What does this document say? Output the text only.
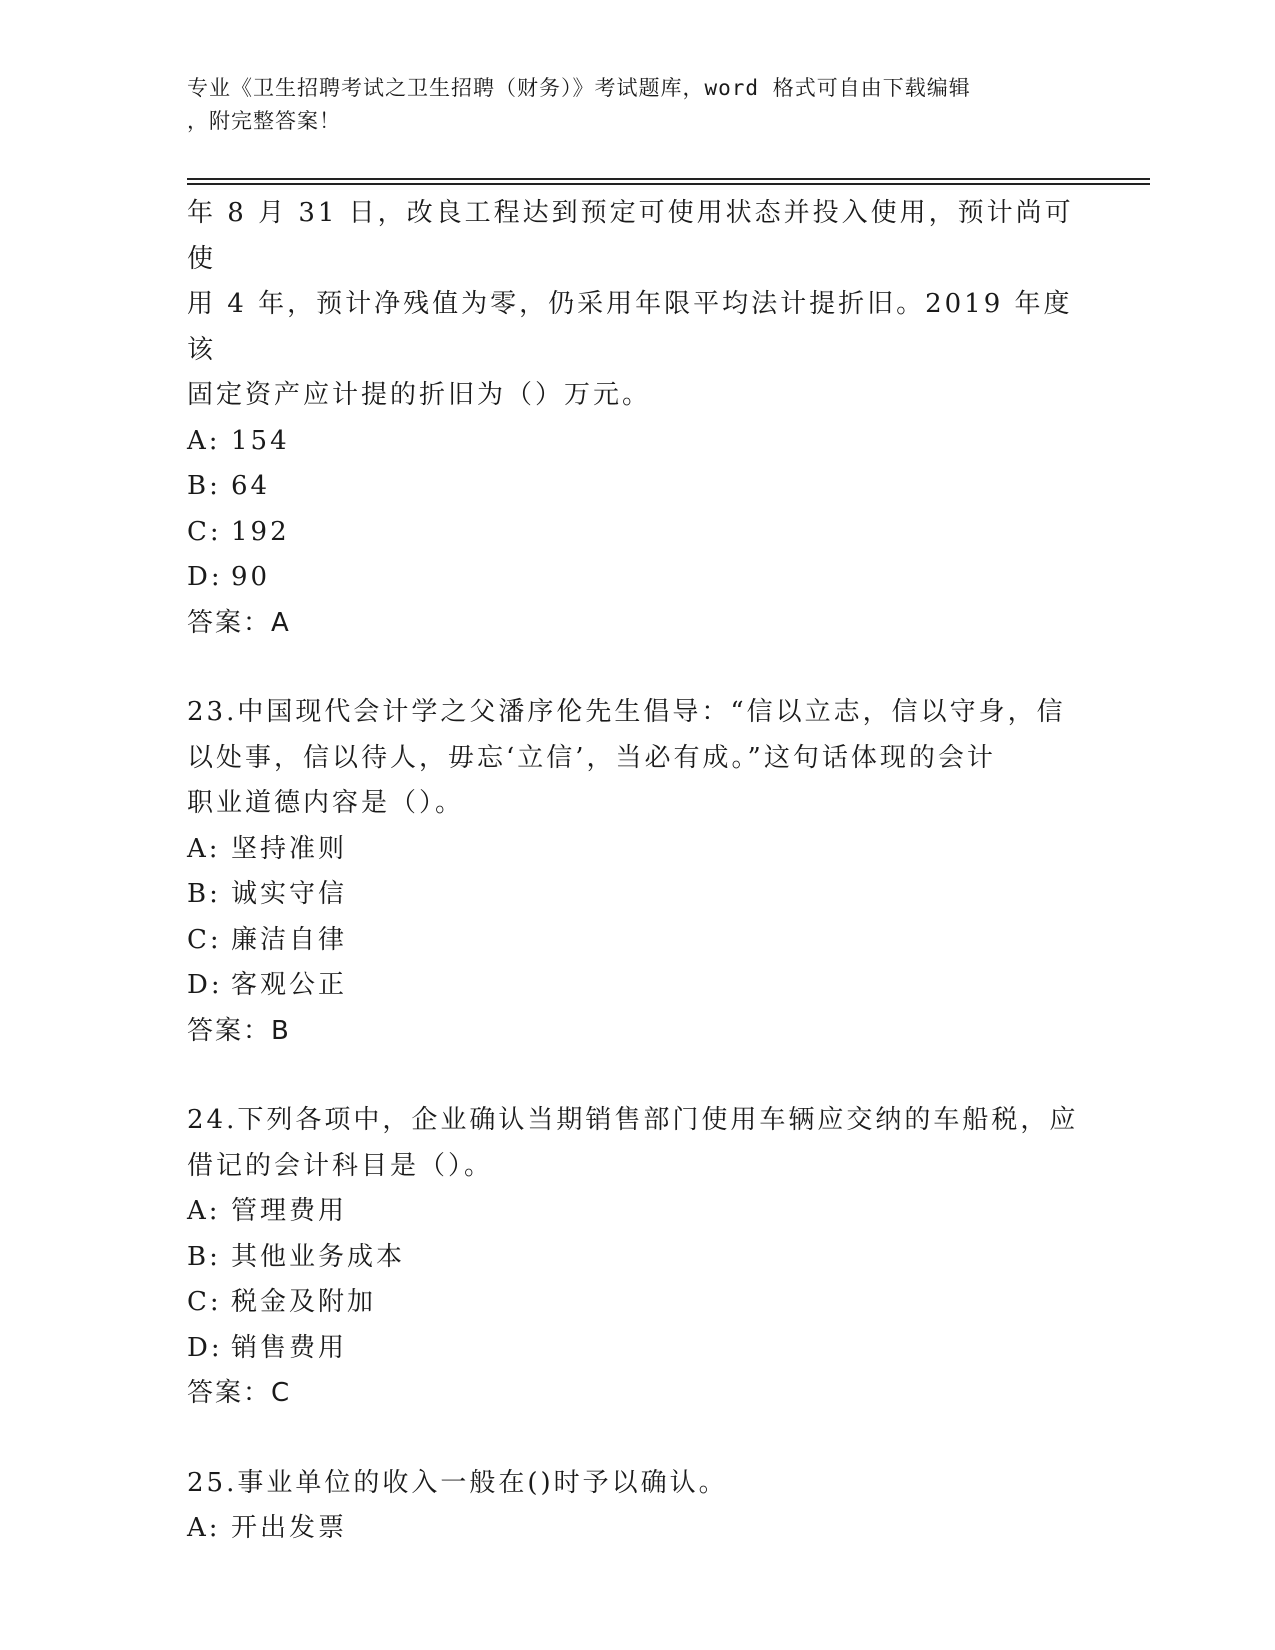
专业《卫生招聘考试之卫生招聘（财务）》考试题库，word 格式可自由下载编辑
，附完整答案！

年 8 月 31 日，改良工程达到预定可使用状态并投入使用，预计尚可使

用 4 年，预计净残值为零，仍采用年限平均法计提折旧。2019 年度该

固定资产应计提的折旧为（）万元。

A: 154

B: 64

C: 192

D: 90

答案：A

23.中国现代会计学之父潘序伦先生倡导：“信以立志，信以守身，信

以处事，信以待人，毋忘‘立信’，当必有成。”这句话体现的会计

职业道德内容是（）。

A: 坚持准则

B: 诚实守信

C: 廉洁自律

D: 客观公正

答案：B

24.下列各项中，企业确认当期销售部门使用车辆应交纳的车船税，应

借记的会计科目是（）。

A: 管理费用

B: 其他业务成本

C: 税金及附加

D: 销售费用

答案：C

25.事业单位的收入一般在()时予以确认。

A: 开出发票
